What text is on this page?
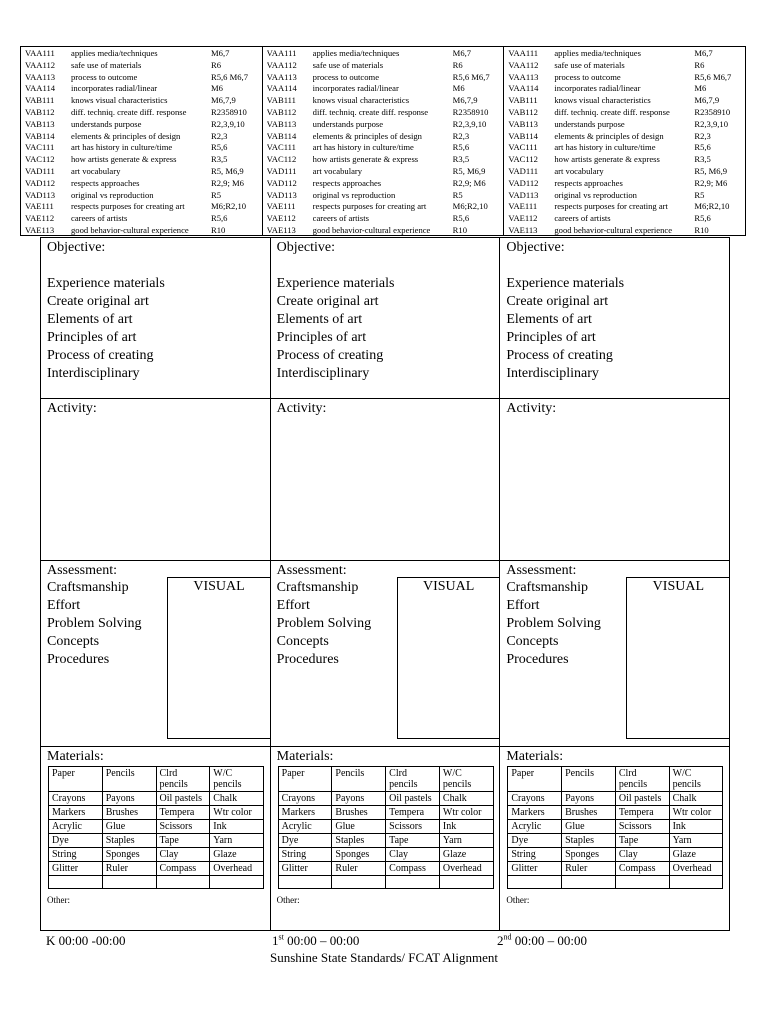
VAA111	applies media/techniques	M6,7
VAA112	safe use of materials	R6
VAA113	process to outcome	R5,6 M6,7
VAA114	incorporates radial/linear	M6
VAB111	knows visual characteristics	M6,7,9
VAB112	diff. techniq. create diff. response	R2358910
VAB113	understands purpose	R2,3,9,10
VAB114	elements & principles of design	R2,3
VAC111	art has history in culture/time	R5,6
VAC112	how artists generate & express	R3,5
VAD111	art vocabulary	R5, M6,9
VAD112	respects approaches	R2,9; M6
VAD113	original vs reproduction	R5
VAE111	respects purposes for creating art	M6;R2,10
VAE112	careers of artists	R5,6
VAE113	good behavior-cultural experience	R10
VAA111	applies media/techniques	M6,7
VAA112	safe use of materials	R6
VAA113	process to outcome	R5,6 M6,7
VAA114	incorporates radial/linear	M6
VAB111	knows visual characteristics	M6,7,9
VAB112	diff. techniq. create diff. response	R2358910
VAB113	understands purpose	R2,3,9,10
VAB114	elements & principles of design	R2,3
VAC111	art has history in culture/time	R5,6
VAC112	how artists generate & express	R3,5
VAD111	art vocabulary	R5, M6,9
VAD112	respects approaches	R2,9; M6
VAD113	original vs reproduction	R5
VAE111	respects purposes for creating art	M6;R2,10
VAE112	careers of artists	R5,6
VAE113	good behavior-cultural experience	R10
VAA111	applies media/techniques	M6,7
VAA112	safe use of materials	R6
VAA113	process to outcome	R5,6 M6,7
VAA114	incorporates radial/linear	M6
VAB111	knows visual characteristics	M6,7,9
VAB112	diff. techniq. create diff. response	R2358910
VAB113	understands purpose	R2,3,9,10
VAB114	elements & principles of design	R2,3
VAC111	art has history in culture/time	R5,6
VAC112	how artists generate & express	R3,5
VAD111	art vocabulary	R5, M6,9
VAD112	respects approaches	R2,9; M6
VAD113	original vs reproduction	R5
VAE111	respects purposes for creating art	M6;R2,10
VAE112	careers of artists	R5,6
VAE113	good behavior-cultural experience	R10
Objective:
Experience materials
Create original art
Elements of art
Principles of art
Process of creating
Interdisciplinary
Activity:
Assessment:
Craftsmanship
Effort
Problem Solving
Concepts
Procedures
VISUAL
Materials:
Paper	Pencils	Clrd pencils	W/C pencils
Crayons	Payons	Oil pastels	Chalk
Markers	Brushes	Tempera	Wtr color
Acrylic	Glue	Scissors	Ink
Dye	Staples	Tape	Yarn
String	Sponges	Clay	Glaze
Glitter	Ruler	Compass	Overhead

Other:
Objective:
Experience materials
Create original art
Elements of art
Principles of art
Process of creating
Interdisciplinary
Activity:
Assessment:
Craftsmanship
Effort
Problem Solving
Concepts
Procedures
VISUAL
Materials:
Paper	Pencils	Clrd pencils	W/C pencils
Crayons	Payons	Oil pastels	Chalk
Markers	Brushes	Tempera	Wtr color
Acrylic	Glue	Scissors	Ink
Dye	Staples	Tape	Yarn
String	Sponges	Clay	Glaze
Glitter	Ruler	Compass	Overhead

Other:
Objective:
Experience materials
Create original art
Elements of art
Principles of art
Process of creating
Interdisciplinary
Activity:
Assessment:
Craftsmanship
Effort
Problem Solving
Concepts
Procedures
VISUAL
Materials:
Paper	Pencils	Clrd pencils	W/C pencils
Crayons	Payons	Oil pastels	Chalk
Markers	Brushes	Tempera	Wtr color
Acrylic	Glue	Scissors	Ink
Dye	Staples	Tape	Yarn
String	Sponges	Clay	Glaze
Glitter	Ruler	Compass	Overhead

Other:
K 00:00 -00:00	1st 00:00 – 00:00	2nd 00:00 – 00:00
Sunshine State Standards/ FCAT Alignment
